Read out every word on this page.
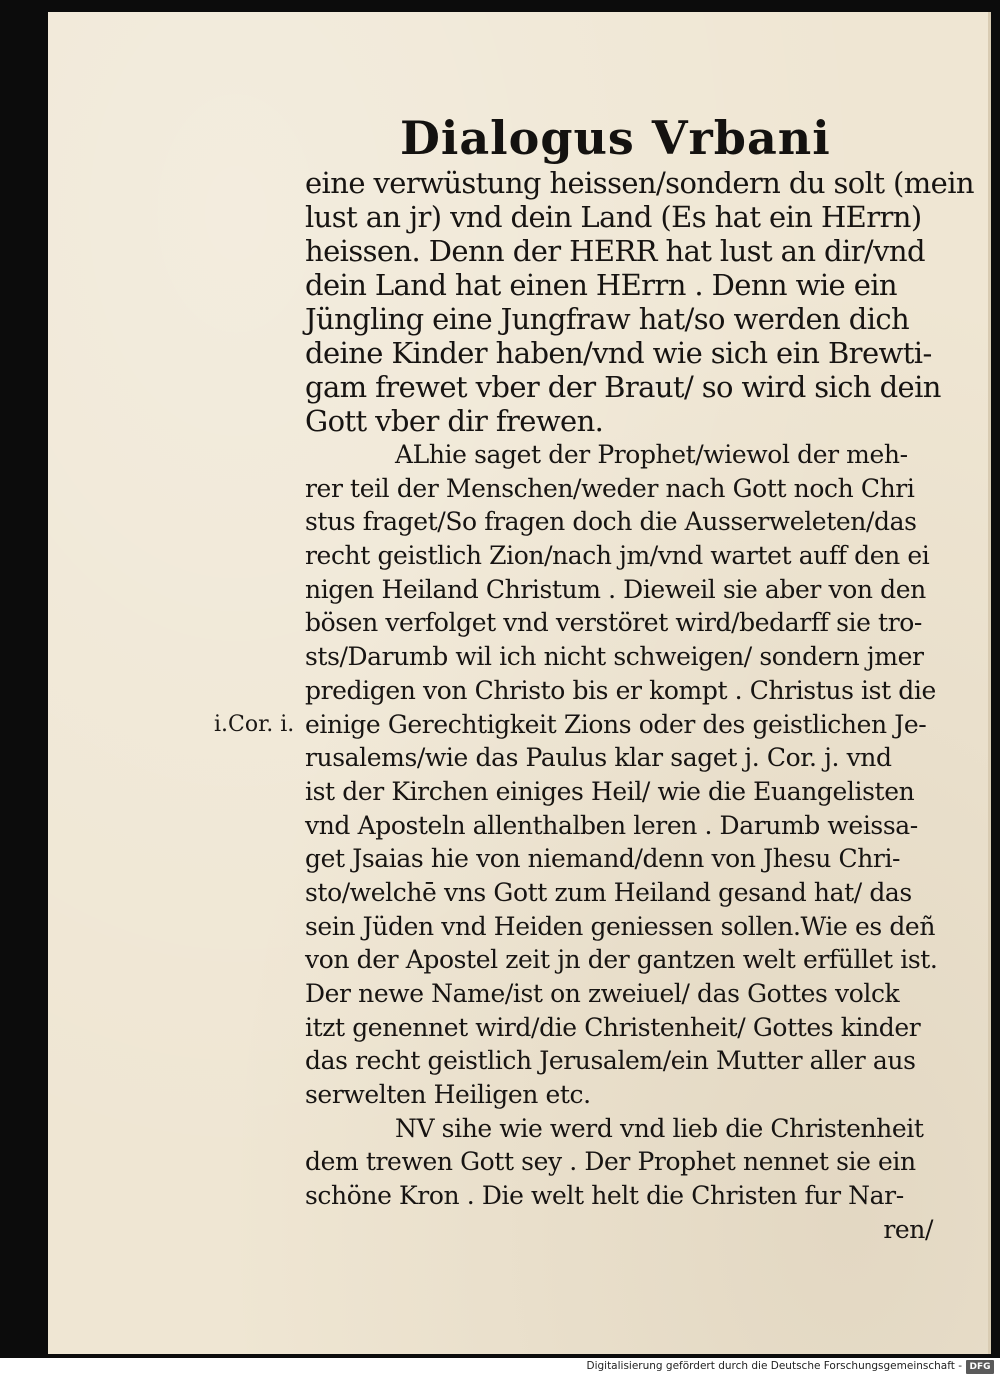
Dialogus Vrbani
i.Cor. i.
eine verwüstung heissen/sondern du solt (mein
lust an jr) vnd dein Land (Es hat ein HErrn)
heissen. Denn der HERR hat lust an dir/vnd
dein Land hat einen HErrn . Denn wie ein
Jüngling eine Jungfraw hat/so werden dich
deine Kinder haben/vnd wie sich ein Brewti-
gam frewet vber der Braut/ so wird sich dein
Gott vber dir frewen.
ALhie saget der Prophet/wiewol der meh-
rer teil der Menschen/weder nach Gott noch Chri
stus fraget/So fragen doch die Ausserweleten/das
recht geistlich Zion/nach jm/vnd wartet auff den ei
nigen Heiland Christum . Dieweil sie aber von den
bösen verfolget vnd verstöret wird/bedarff sie tro-
sts/Darumb wil ich nicht schweigen/ sondern jmer
predigen von Christo bis er kompt . Christus ist die
einige Gerechtigkeit Zions oder des geistlichen Je-
rusalems/wie das Paulus klar saget j. Cor. j. vnd
ist der Kirchen einiges Heil/ wie die Euangelisten
vnd Aposteln allenthalben leren . Darumb weissa-
get Jsaias hie von niemand/denn von Jhesu Chri-
sto/welchē vns Gott zum Heiland gesand hat/ das
sein Jüden vnd Heiden geniessen sollen.Wie es deñ
von der Apostel zeit jn der gantzen welt erfüllet ist.
Der newe Name/ist on zweiuel/ das Gottes volck
itzt genennet wird/die Christenheit/ Gottes kinder
das recht geistlich Jerusalem/ein Mutter aller aus
serwelten Heiligen etc.
NV sihe wie werd vnd lieb die Christenheit
dem trewen Gott sey . Der Prophet nennet sie ein
schöne Kron . Die welt helt die Christen fur Nar-
ren/
Digitalisierung gefördert durch die Deutsche Forschungsgemeinschaft - DFG
